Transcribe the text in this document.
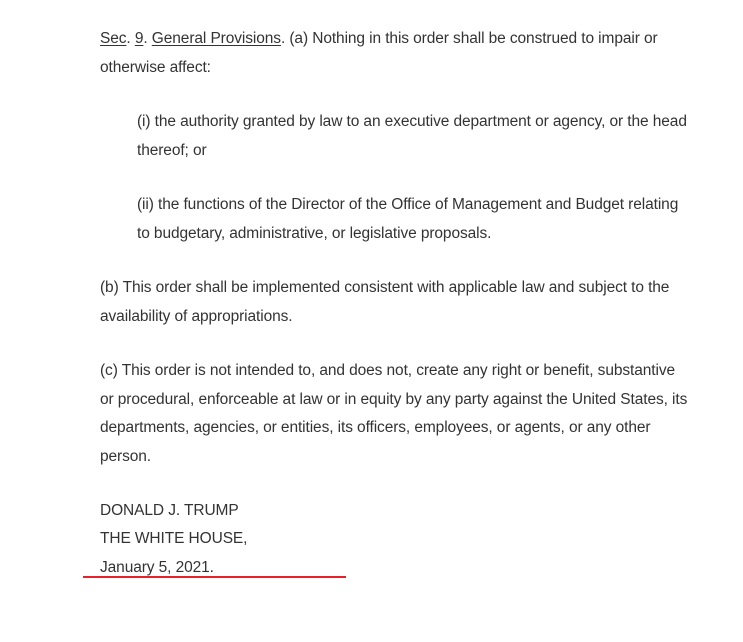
Sec. 9. General Provisions. (a) Nothing in this order shall be construed to impair or otherwise affect:

(i) the authority granted by law to an executive department or agency, or the head thereof; or

(ii) the functions of the Director of the Office of Management and Budget relating to budgetary, administrative, or legislative proposals.

(b) This order shall be implemented consistent with applicable law and subject to the availability of appropriations.

(c) This order is not intended to, and does not, create any right or benefit, substantive or procedural, enforceable at law or in equity by any party against the United States, its departments, agencies, or entities, its officers, employees, or agents, or any other person.

DONALD J. TRUMP

THE WHITE HOUSE,

January 5, 2021.
